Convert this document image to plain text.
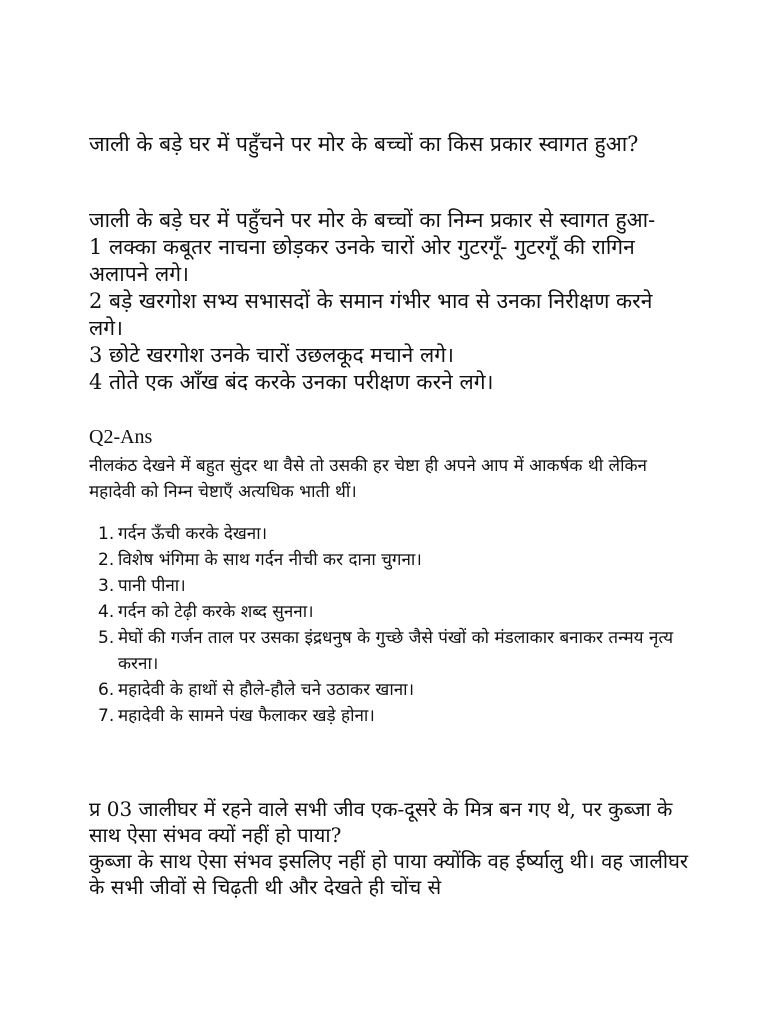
जाली के बड़े घर में पहुँचने पर मोर के बच्चों का किस प्रकार स्वागत हुआ?

जाली के बड़े घर में पहुँचने पर मोर के बच्चों का निम्न प्रकार से स्वागत हुआ-
1 लक्का कबूतर नाचना छोड़कर उनके चारों ओर गुटरगूँ- गुटरगूँ की रागिन अलापने लगे।
2 बड़े खरगोश सभ्य सभासदों के समान गंभीर भाव से उनका निरीक्षण करने लगे।
3 छोटे खरगोश उनके चारों उछलकूद मचाने लगे।
4 तोते एक आँख बंद करके उनका परीक्षण करने लगे।
Q2-Ans

नीलकंठ देखने में बहुत सुंदर था वैसे तो उसकी हर चेष्टा ही अपने आप में आकर्षक थी लेकिन महादेवी को निम्न चेष्टाएँ अत्यधिक भाती थीं।

1. गर्दन ऊँची करके देखना।
2. विशेष भंगिमा के साथ गर्दन नीची कर दाना चुगना।
3. पानी पीना।
4. गर्दन को टेढ़ी करके शब्द सुनना।
5. मेघों की गर्जन ताल पर उसका इंद्रधनुष के गुच्छे जैसे पंखों को मंडलाकार बनाकर तन्मय नृत्य करना।
6. महादेवी के हाथों से हौले-हौले चने उठाकर खाना।
7. महादेवी के सामने पंख फैलाकर खड़े होना।
प्र 03 जालीघर में रहने वाले सभी जीव एक-दूसरे के मित्र बन गए थे, पर कुब्जा के साथ ऐसा संभव क्यों नहीं हो पाया?
कुब्जा के साथ ऐसा संभव इसलिए नहीं हो पाया क्योंकि वह ईर्ष्यालु थी। वह जालीघर के सभी जीवों से चिढ़ती थी और देखते ही चोंच से
